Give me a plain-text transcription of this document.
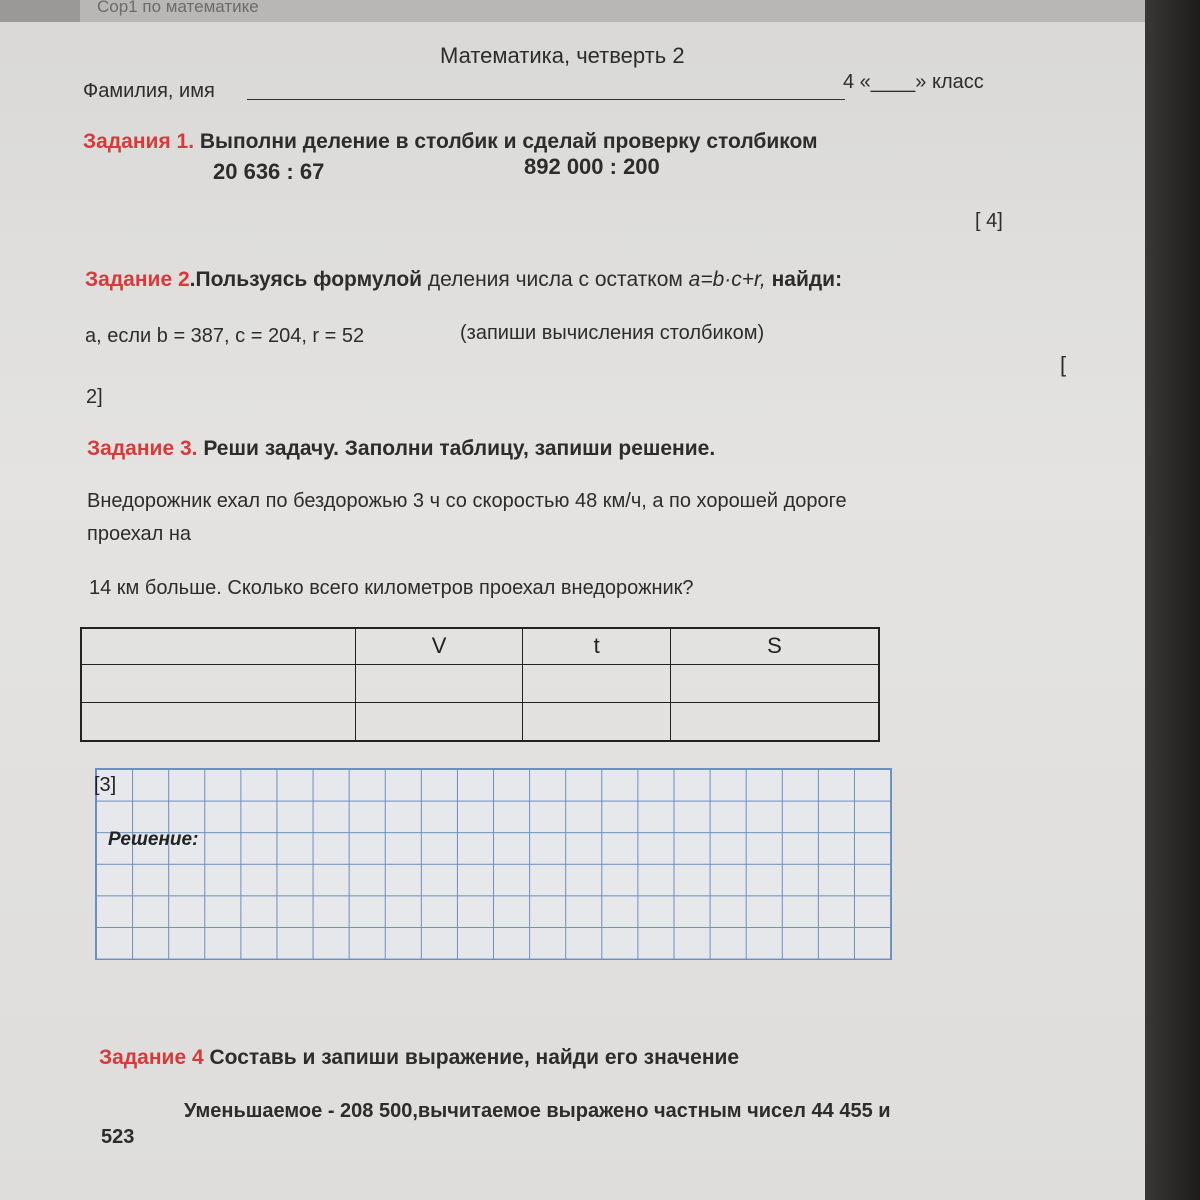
Сор1 по математике
Математика, четверть 2
Фамилия, имя	4 «____» класс
Задания 1. Выполни деление в столбик и сделай проверку столбиком
20 636 : 67	892 000 : 200
[ 4]
Задание 2.Пользуясь формулой деления числа с остатком a=b·c+r, найди:
а, если b = 387, с = 204, r = 52	(запиши вычисления столбиком)
[
2]
Задание 3. Реши задачу. Заполни таблицу, запиши решение.
Внедорожник ехал по бездорожью 3 ч со скоростью 48 км/ч, а по хорошей дороге
проехал на
14 км больше. Сколько всего километров проехал внедорожник?
	V	t	S

[3]
Решение:
Задание 4 Составь и запиши выражение, найди его значение
Уменьшаемое - 208 500,вычитаемое выражено частным чисел 44 455 и
523
